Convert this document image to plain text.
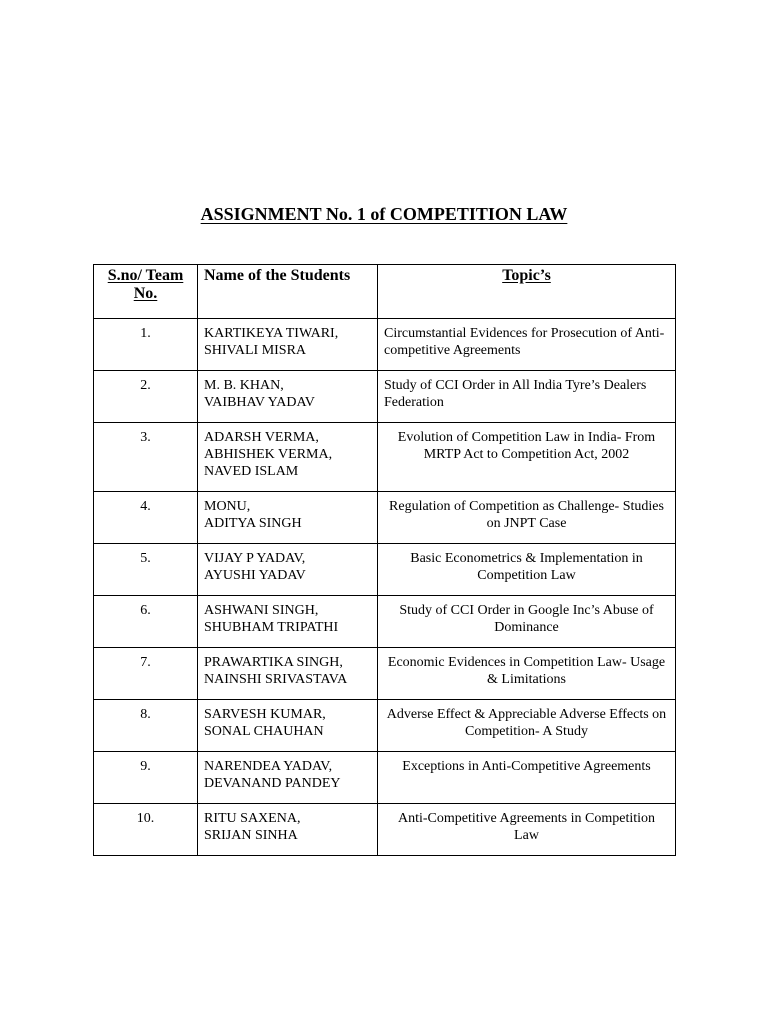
ASSIGNMENT No. 1 of COMPETITION LAW
S.no/ Team No.	Name of the Students	Topic’s
1.	KARTIKEYA TIWARI,
SHIVALI MISRA	Circumstantial Evidences for Prosecution of Anti-competitive Agreements
2.	M. B. KHAN,
VAIBHAV YADAV	Study of CCI Order in All India Tyre’s Dealers Federation
3.	ADARSH VERMA,
ABHISHEK VERMA,
NAVED ISLAM	Evolution of Competition Law in India- From MRTP Act to Competition Act, 2002
4.	MONU,
ADITYA SINGH	Regulation of Competition as Challenge- Studies on JNPT Case
5.	VIJAY P YADAV,
AYUSHI YADAV	Basic Econometrics & Implementation in Competition Law
6.	ASHWANI SINGH,
SHUBHAM TRIPATHI	Study of CCI Order in Google Inc’s Abuse of Dominance
7.	PRAWARTIKA SINGH,
NAINSHI SRIVASTAVA	Economic Evidences in Competition Law- Usage & Limitations
8.	SARVESH KUMAR,
SONAL CHAUHAN	Adverse Effect & Appreciable Adverse Effects on Competition- A Study
9.	NARENDEA YADAV,
DEVANAND PANDEY	Exceptions in Anti-Competitive Agreements
10.	RITU SAXENA,
SRIJAN SINHA	Anti-Competitive Agreements in Competition Law
